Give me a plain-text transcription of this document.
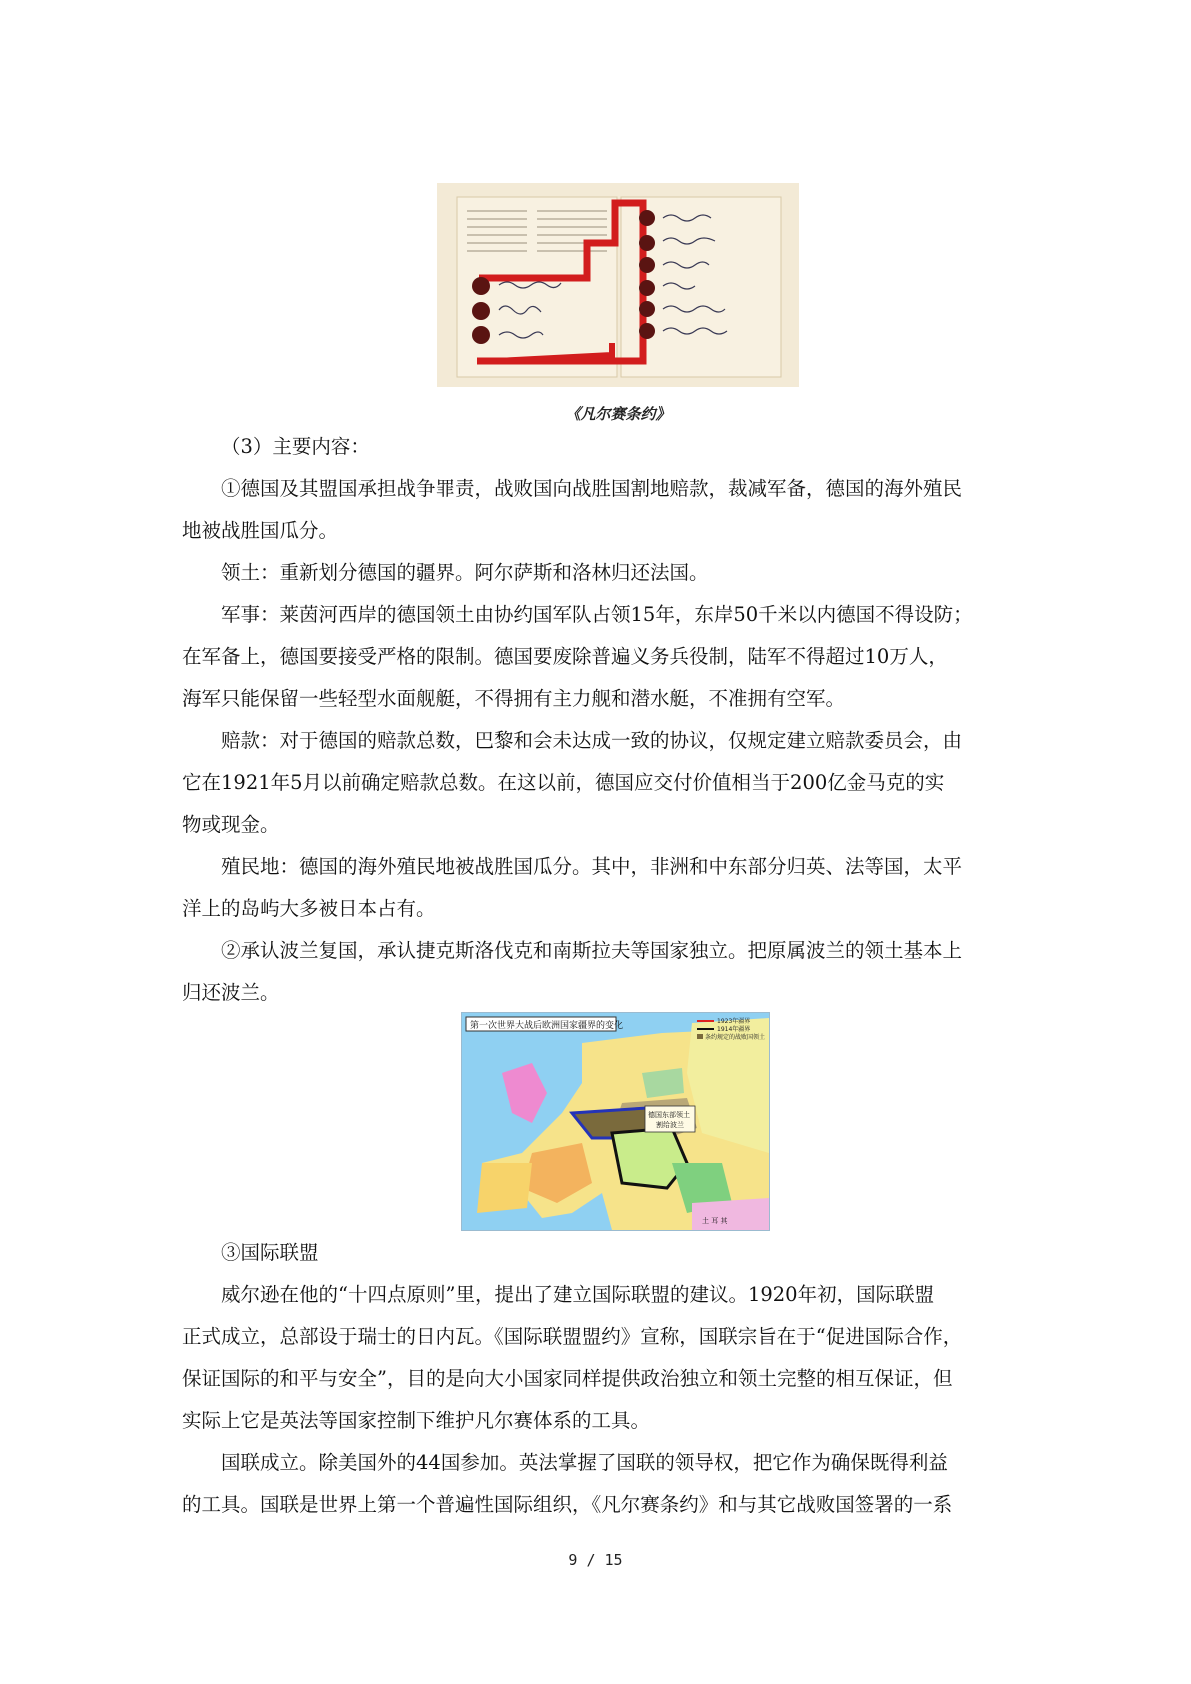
《凡尔赛条约》

（3）主要内容：

①德国及其盟国承担战争罪责，战败国向战胜国割地赔款，裁减军备，德国的海外殖民
地被战胜国瓜分。

领土：重新划分德国的疆界。阿尔萨斯和洛林归还法国。

军事：莱茵河西岸的德国领土由协约国军队占领15年，东岸50千米以内德国不得设防；
在军备上，德国要接受严格的限制。德国要废除普遍义务兵役制，陆军不得超过10万人，
海军只能保留一些轻型水面舰艇，不得拥有主力舰和潜水艇，不准拥有空军。

赔款：对于德国的赔款总数，巴黎和会未达成一致的协议，仅规定建立赔款委员会，由
它在1921年5月以前确定赔款总数。在这以前，德国应交付价值相当于200亿金马克的实
物或现金。

殖民地：德国的海外殖民地被战胜国瓜分。其中，非洲和中东部分归英、法等国，太平
洋上的岛屿大多被日本占有。

②承认波兰复国，承认捷克斯洛伐克和南斯拉夫等国家独立。把原属波兰的领土基本上
归还波兰。

第一次世界大战后欧洲国家疆界的变化	1923年疆界
1914年疆界
条约规定的战败国领土
德国东部领土 割给波兰
土 耳 其

③国际联盟

威尔逊在他的“十四点原则”里，提出了建立国际联盟的建议。1920年初，国际联盟
正式成立，总部设于瑞士的日内瓦。《国际联盟盟约》宣称，国联宗旨在于“促进国际合作，
保证国际的和平与安全”，目的是向大小国家同样提供政治独立和领土完整的相互保证，但
实际上它是英法等国家控制下维护凡尔赛体系的工具。

国联成立。除美国外的44国参加。英法掌握了国联的领导权，把它作为确保既得利益
的工具。国联是世界上第一个普遍性国际组织，《凡尔赛条约》和与其它战败国签署的一系

9 / 15
